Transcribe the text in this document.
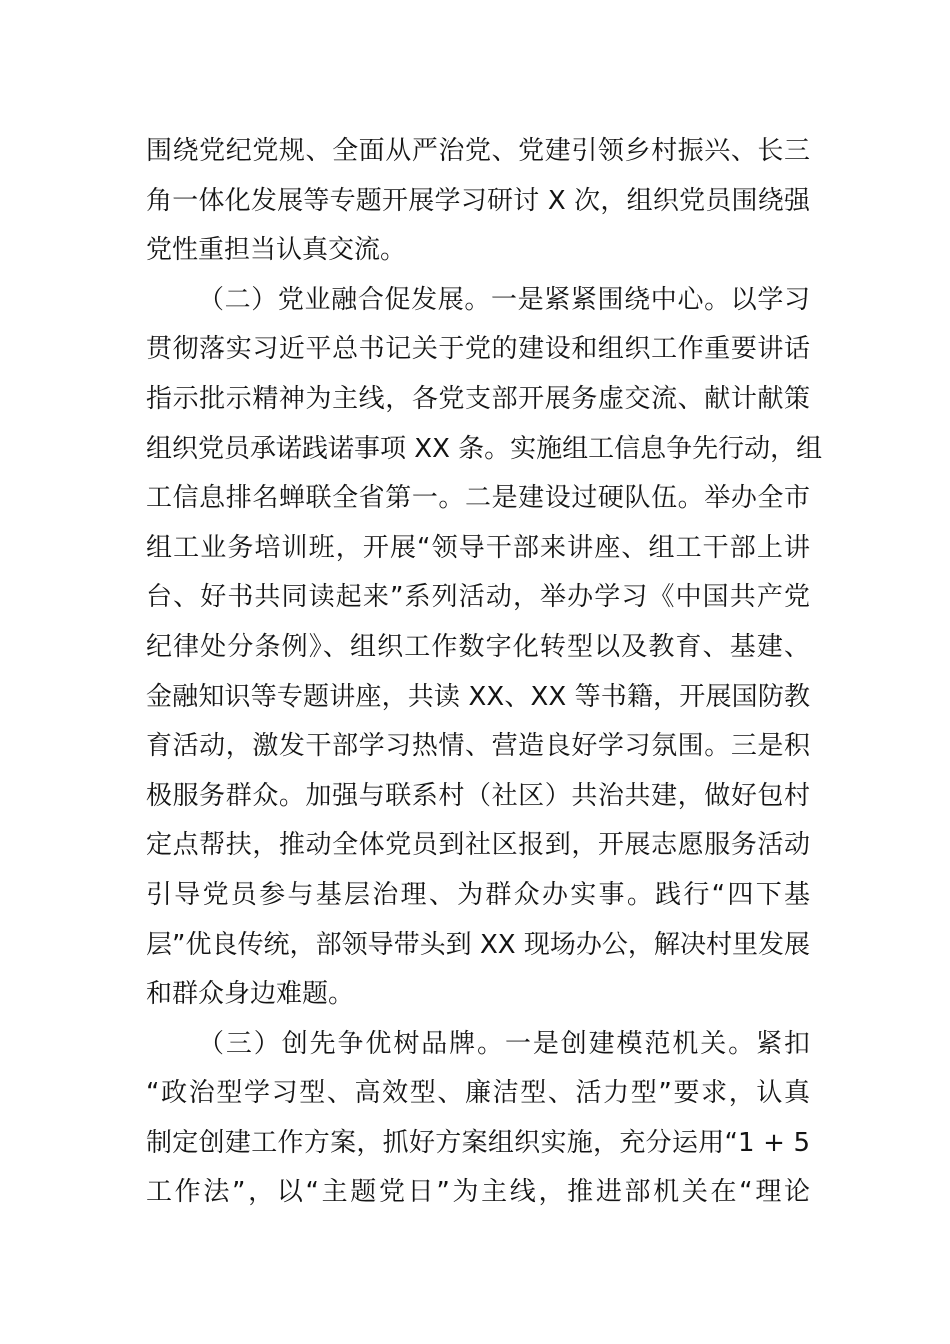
围绕党纪党规、全面从严治党、党建引领乡村振兴、长三
角一体化发展等专题开展学习研讨 X 次，组织党员围绕强
党性重担当认真交流。
（二）党业融合促发展。一是紧紧围绕中心。以学习
贯彻落实习近平总书记关于党的建设和组织工作重要讲话
指示批示精神为主线，各党支部开展务虚交流、献计献策
组织党员承诺践诺事项 XX 条。实施组工信息争先行动，组
工信息排名蝉联全省第一。二是建设过硬队伍。举办全市
组工业务培训班，开展“领导干部来讲座、组工干部上讲
台、好书共同读起来”系列活动，举办学习《中国共产党
纪律处分条例》、组织工作数字化转型以及教育、基建、
金融知识等专题讲座，共读 XX、XX 等书籍，开展国防教
育活动，激发干部学习热情、营造良好学习氛围。三是积
极服务群众。加强与联系村（社区）共治共建，做好包村
定点帮扶，推动全体党员到社区报到，开展志愿服务活动
引导党员参与基层治理、为群众办实事。践行“四下基
层”优良传统，部领导带头到 XX 现场办公，解决村里发展
和群众身边难题。
（三）创先争优树品牌。一是创建模范机关。紧扣
“政治型学习型、高效型、廉洁型、活力型”要求，认真
制定创建工作方案，抓好方案组织实施，充分运用“1 + 5
工作法”，以“主题党日”为主线，推进部机关在“理论
